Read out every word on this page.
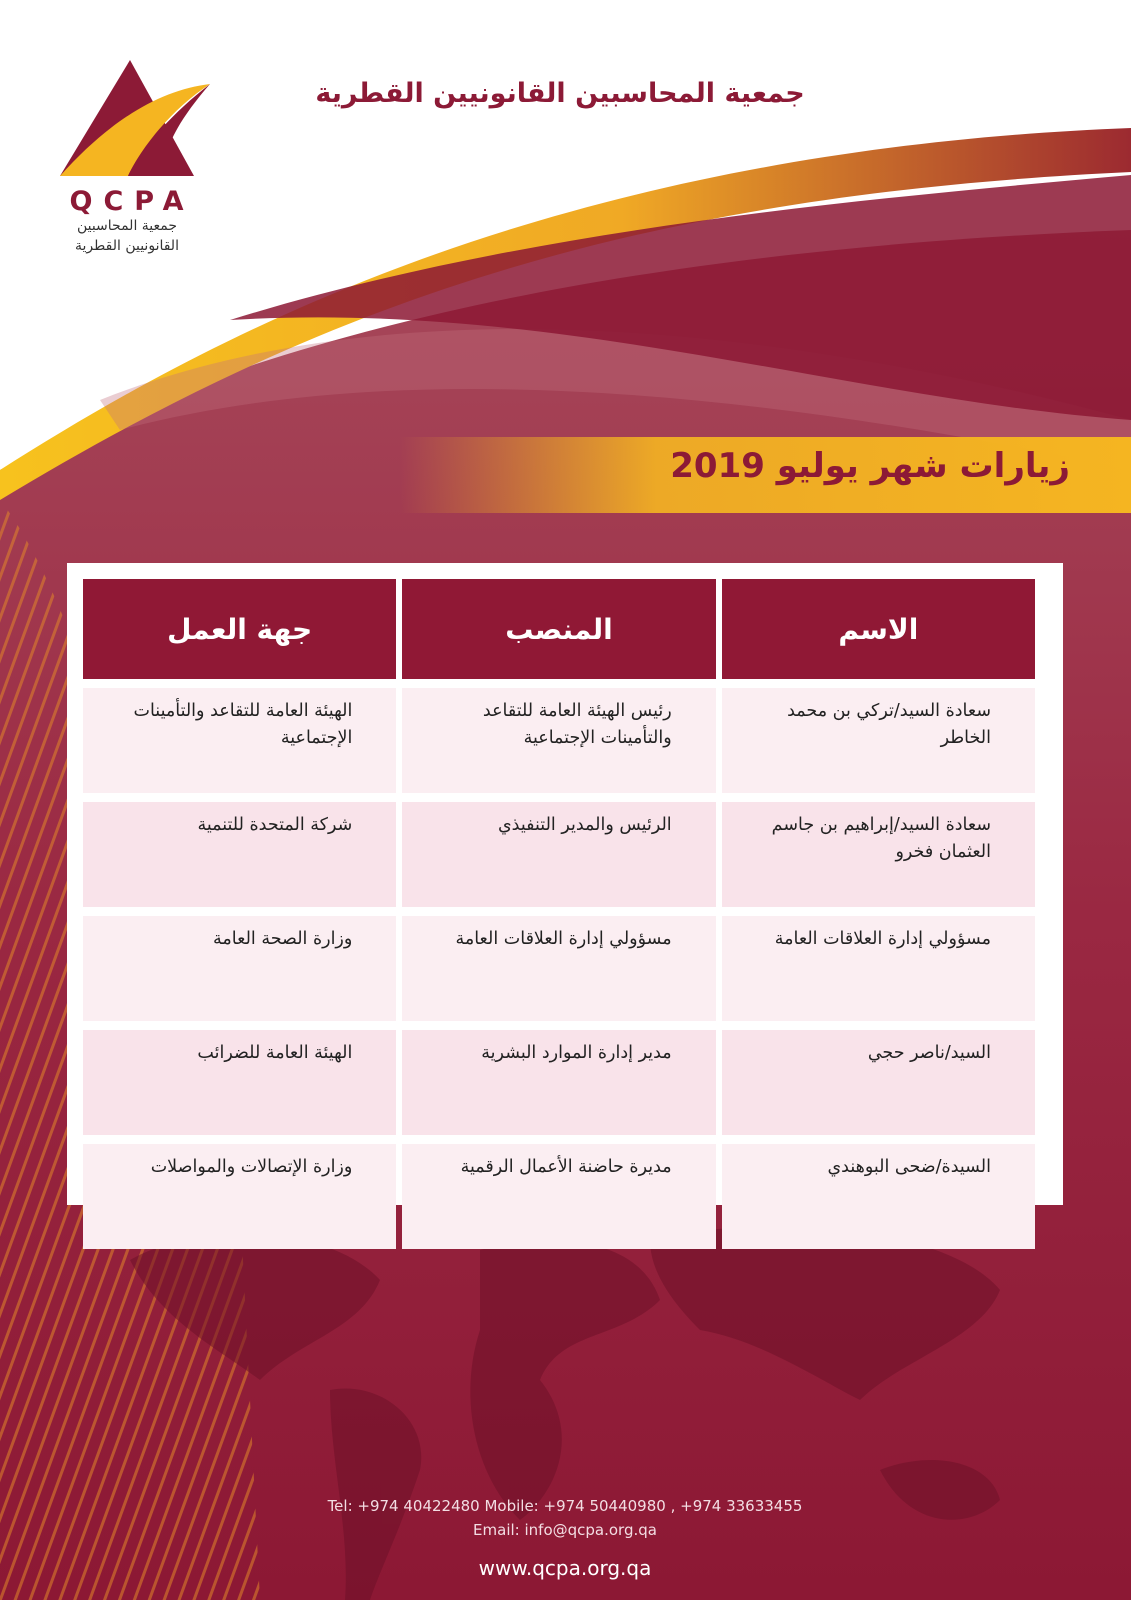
QCPA
جمعية المحاسبين
القانونيين القطرية
جمعية المحاسبين القانونيين القطرية
زيارات شهر يوليو 2019
الاسم	المنصب	جهة العمل
سعادة السيد/تركي بن محمد الخاطر	رئيس الهيئة العامة للتقاعد والتأمينات الإجتماعية	الهيئة العامة للتقاعد والتأمينات الإجتماعية
سعادة السيد/إبراهيم بن جاسم العثمان فخرو	الرئيس والمدير التنفيذي	شركة المتحدة للتنمية
مسؤولي إدارة العلاقات العامة	مسؤولي إدارة العلاقات العامة	وزارة الصحة العامة
السيد/ناصر حجي	مدير إدارة الموارد البشرية	الهيئة العامة للضرائب
السيدة/ضحى البوهندي	مديرة حاضنة الأعمال الرقمية	وزارة الإتصالات والمواصلات
Tel: +974 40422480 Mobile: +974 50440980 , +974 33633455
Email: info@qcpa.org.qa
www.qcpa.org.qa
